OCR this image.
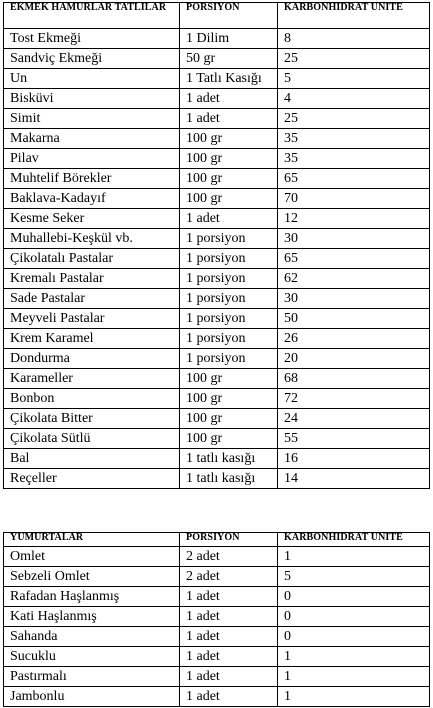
EKMEK HAMURLAR TATLILAR	PORSIYON	KARBONHIDRAT UNITE
Tost Ekmeği	1 Dilim	8
Sandviç Ekmeği	50 gr	25
Un	1 Tatlı Kasığı	5
Bisküvi	1 adet	4
Simit	1 adet	25
Makarna	100 gr	35
Pilav	100 gr	35
Muhtelif Börekler	100 gr	65
Baklava-Kadayıf	100 gr	70
Kesme Seker	1 adet	12
Muhallebi-Keşkül vb.	1 porsiyon	30
Çikolatalı Pastalar	1 porsiyon	65
Kremalı Pastalar	1 porsiyon	62
Sade Pastalar	1 porsiyon	30
Meyveli Pastalar	1 porsiyon	50
Krem Karamel	1 porsiyon	26
Dondurma	1 porsiyon	20
Karameller	100 gr	68
Bonbon	100 gr	72
Çikolata Bitter	100 gr	24
Çikolata Sütlü	100 gr	55
Bal	1 tatlı kasığı	16
Reçeller	1 tatlı kasığı	14
YUMURTALAR	PORSIYON	KARBONHIDRAT UNITE
Omlet	2 adet	1
Sebzeli Omlet	2 adet	5
Rafadan Haşlanmış	1 adet	0
Kati Haşlanmış	1 adet	0
Sahanda	1 adet	0
Sucuklu	1 adet	1
Pastırmalı	1 adet	1
Jambonlu	1 adet	1
